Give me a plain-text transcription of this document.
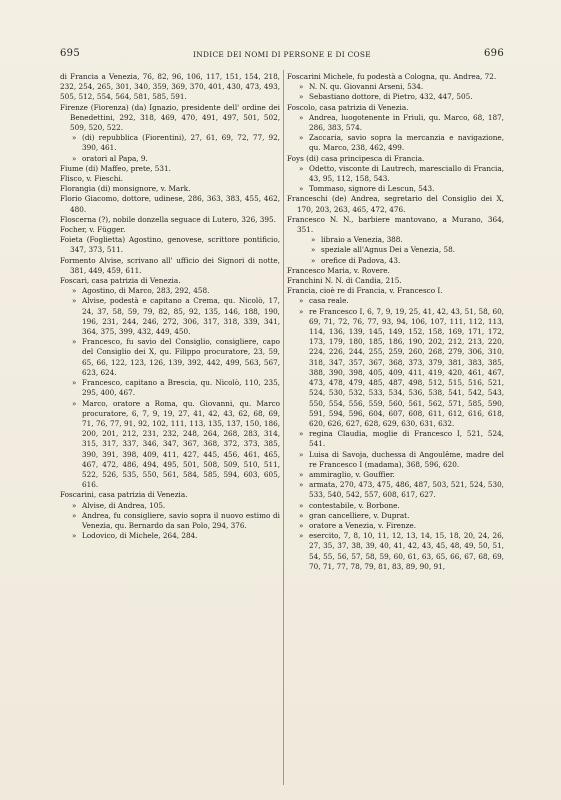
695	INDICE DEI NOMI DI PERSONE E DI COSE	696
di Francia a Venezia, 76, 82, 96, 106, 117, 151, 154, 218, 232, 254, 265, 301, 340, 359, 369, 370, 401, 430, 473, 493, 505, 512, 554, 564, 581, 585, 591.
Firenze (Fiorenza) (da) Ignazio, presidente dell' ordine dei Benedettini, 292, 318, 469, 470, 491, 497, 501, 502, 509, 520, 522.
» (di) repubblica (Fiorentini), 27, 61, 69, 72, 77, 92, 390, 461.
» oratori al Papa, 9.
Fiume (di) Maffeo, prete, 531.
Flisco, v. Fieschi.
Florangia (di) monsignore, v. Mark.
Florio Giacomo, dottore, udinese, 286, 363, 383, 455, 462, 480.
Floscerna (?), nobile donzella seguace di Lutero, 326, 395.
Focher, v. Függer.
Foieta (Foglietta) Agostino, genovese, scrittore pontificio, 347, 373, 511.
Formento Alvise, scrivano all' ufficio dei Signori di notte, 381, 449, 459, 611.
Foscari, casa patrizia di Venezia.
» Agostino, di Marco, 283, 292, 458.
» Alvise, podestà e capitano a Crema, qu. Nicolò, 17, 24, 37, 58, 59, 79, 82, 85, 92, 135, 146, 188, 190, 196, 231, 244, 246, 272, 306, 317, 318, 339, 341, 364, 375, 399, 432, 449, 450.
» Francesco, fu savio del Consiglio, consigliere, capo del Consiglio dei X, qu. Filippo procuratore, 23, 59, 65, 66, 122, 123, 126, 139, 392, 442, 499, 563, 567, 623, 624.
» Francesco, capitano a Brescia, qu. Nicolò, 110, 235, 295, 400, 467.
» Marco, oratore a Roma, qu. Giovanni, qu. Marco procuratore, 6, 7, 9, 19, 27, 41, 42, 43, 62, 68, 69, 71, 76, 77, 91, 92, 102, 111, 113, 135, 137, 150, 186, 200, 201, 212, 231, 232, 248, 264, 268, 283, 314, 315, 317, 337, 346, 347, 367, 368, 372, 373, 385, 390, 391, 398, 409, 411, 427, 445, 456, 461, 465, 467, 472, 486, 494, 495, 501, 508, 509, 510, 511, 522, 526, 535, 550, 561, 584, 585, 594, 603, 605, 616.
Foscarini, casa patrizia di Venezia.
» Alvise, di Andrea, 105.
» Andrea, fu consigliere, savio sopra il nuovo estimo di Venezia, qu. Bernardo da san Polo, 294, 376.
» Lodovico, di Michele, 264, 284.
Foscarini Michele, fu podestà a Cologna, qu. Andrea, 72.
» N. N. qu. Giovanni Arseni, 534.
» Sebastiano dottore, di Pietro, 432, 447, 505.
Foscolo, casa patrizia di Venezia.
» Andrea, luogotenente in Friuli, qu. Marco, 68, 187, 286, 383, 574.
» Zaccaria, savio sopra la mercanzia e navigazione, qu. Marco, 238, 462, 499.
Foys (di) casa principesca di Francia.
» Odetto, visconte di Lautrech, maresciallo di Francia, 43, 95, 112, 158, 543.
» Tommaso, signore di Lescun, 543.
Franceschi (de) Andrea, segretario del Consiglio dei X, 170, 203, 263, 465, 472, 476.
Francesco N. N., barbiere mantovano, a Murano, 364, 351.
» libraio a Venezia, 388.
» speziale all'Agnus Dei a Venezia, 58.
» orefice di Padova, 43.
Francesco Maria, v. Rovere.
Franchini N. N. di Candia, 215.
Francia, cioè re di Francia, v. Francesco I.
» casa reale.
» re Francesco I, 6, 7, 9, 19, 25, 41, 42, 43, 51, 58, 60, 69, 71, 72, 76, 77, 93, 94, 106, 107, 111, 112, 113, 114, 136, 139, 145, 149, 152, 158, 169, 171, 172, 173, 179, 180, 185, 186, 190, 202, 212, 213, 220, 224, 226, 244, 255, 259, 260, 268, 279, 306, 310, 318, 347, 357, 367, 368, 373, 379, 381, 383, 385, 388, 390, 398, 405, 409, 411, 419, 420, 461, 467, 473, 478, 479, 485, 487, 498, 512, 515, 516, 521, 524, 530, 532, 533, 534, 536, 538, 541, 542, 543, 550, 554, 556, 559, 560, 561, 562, 571, 585, 590, 591, 594, 596, 604, 607, 608, 611, 612, 616, 618, 620, 626, 627, 628, 629, 630, 631, 632.
» regina Claudia, moglie di Francesco I, 521, 524, 541.
» Luisa di Savoja, duchessa di Angoulême, madre del re Francesco I (madama), 368, 596, 620.
» ammiraglio, v. Gouffier.
» armata, 270, 473, 475, 486, 487, 503, 521, 524, 530, 533, 540, 542, 557, 608, 617, 627.
» contestabile, v. Borbone.
» gran cancelliere, v. Duprat.
» oratore a Venezia, v. Firenze.
» esercito, 7, 8, 10, 11, 12, 13, 14, 15, 18, 20, 24, 26, 27, 35, 37, 38, 39, 40, 41, 42, 43, 45, 48, 49, 50, 51, 54, 55, 56, 57, 58, 59, 60, 61, 63, 65, 66, 67, 68, 69, 70, 71, 77, 78, 79, 81, 83, 89, 90, 91,
